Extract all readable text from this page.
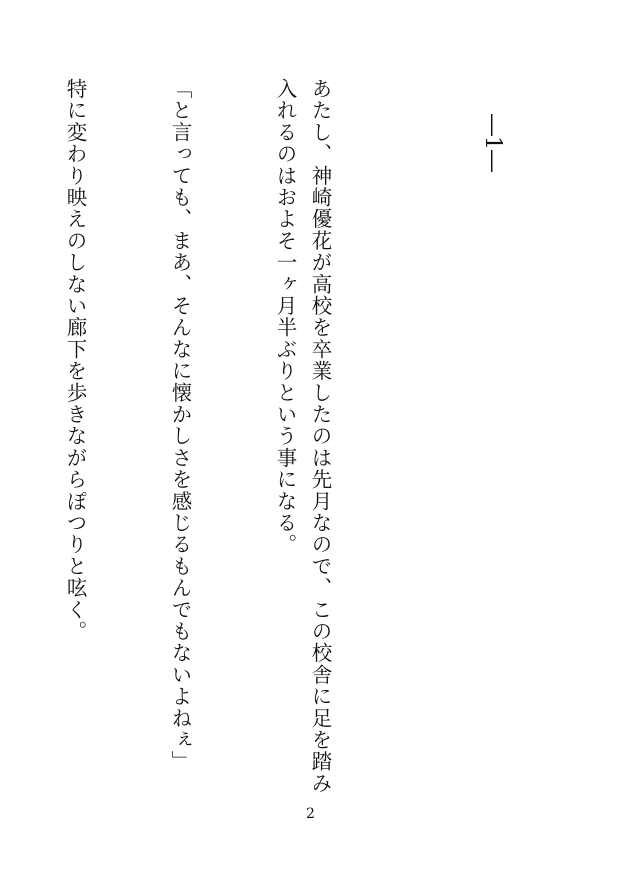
―1―

あたし、神崎優花が高校を卒業したのは先月なので、この校舎に足を踏み入れるのはおよそ一ヶ月半ぶりという事になる。

「と言っても、まあ、そんなに懐かしさを感じるもんでもないよねぇ」

特に変わり映えのしない廊下を歩きながらぽつりと呟く。

2
